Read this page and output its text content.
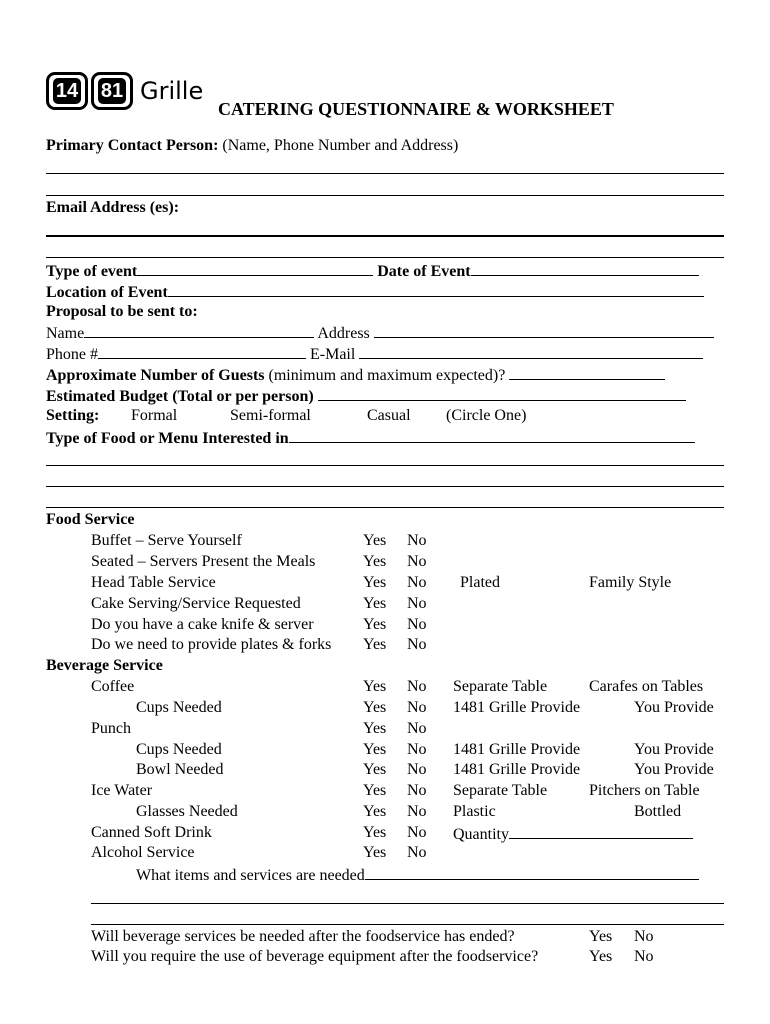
14 81 Grille
CATERING QUESTIONNAIRE & WORKSHEET
Primary Contact Person: (Name, Phone Number and Address)
Email Address (es):
Type of event	Date of Event
Location of Event
Proposal to be sent to:
Name	Address
Phone #	E-Mail
Approximate Number of Guests (minimum and maximum expected)?
Estimated Budget (Total or per person)
Setting: Formal	Semi-formal	Casual (Circle One)
Type of Food or Menu Interested in
Food Service
Buffet – Serve Yourself	Yes No
Seated – Servers Present the Meals	Yes No
Head Table Service	Yes No Plated	Family Style
Cake Serving/Service Requested	Yes No
Do you have a cake knife & server	Yes No
Do we need to provide plates & forks Yes No
Beverage Service
Coffee	Yes No Separate Table	Carafes on Tables
Cups Needed	Yes No 1481 Grille Provide	You Provide
Punch	Yes No
Cups Needed	Yes No 1481 Grille Provide	You Provide
Bowl Needed	Yes No 1481 Grille Provide	You Provide
Ice Water	Yes No Separate Table	Pitchers on Table
Glasses Needed	Yes No Plastic	Bottled
Canned Soft Drink	Yes No Quantity
Alcohol Service	Yes No
What items and services are needed
Will beverage services be needed after the foodservice has ended?	Yes No
Will you require the use of beverage equipment after the foodservice?	Yes No
